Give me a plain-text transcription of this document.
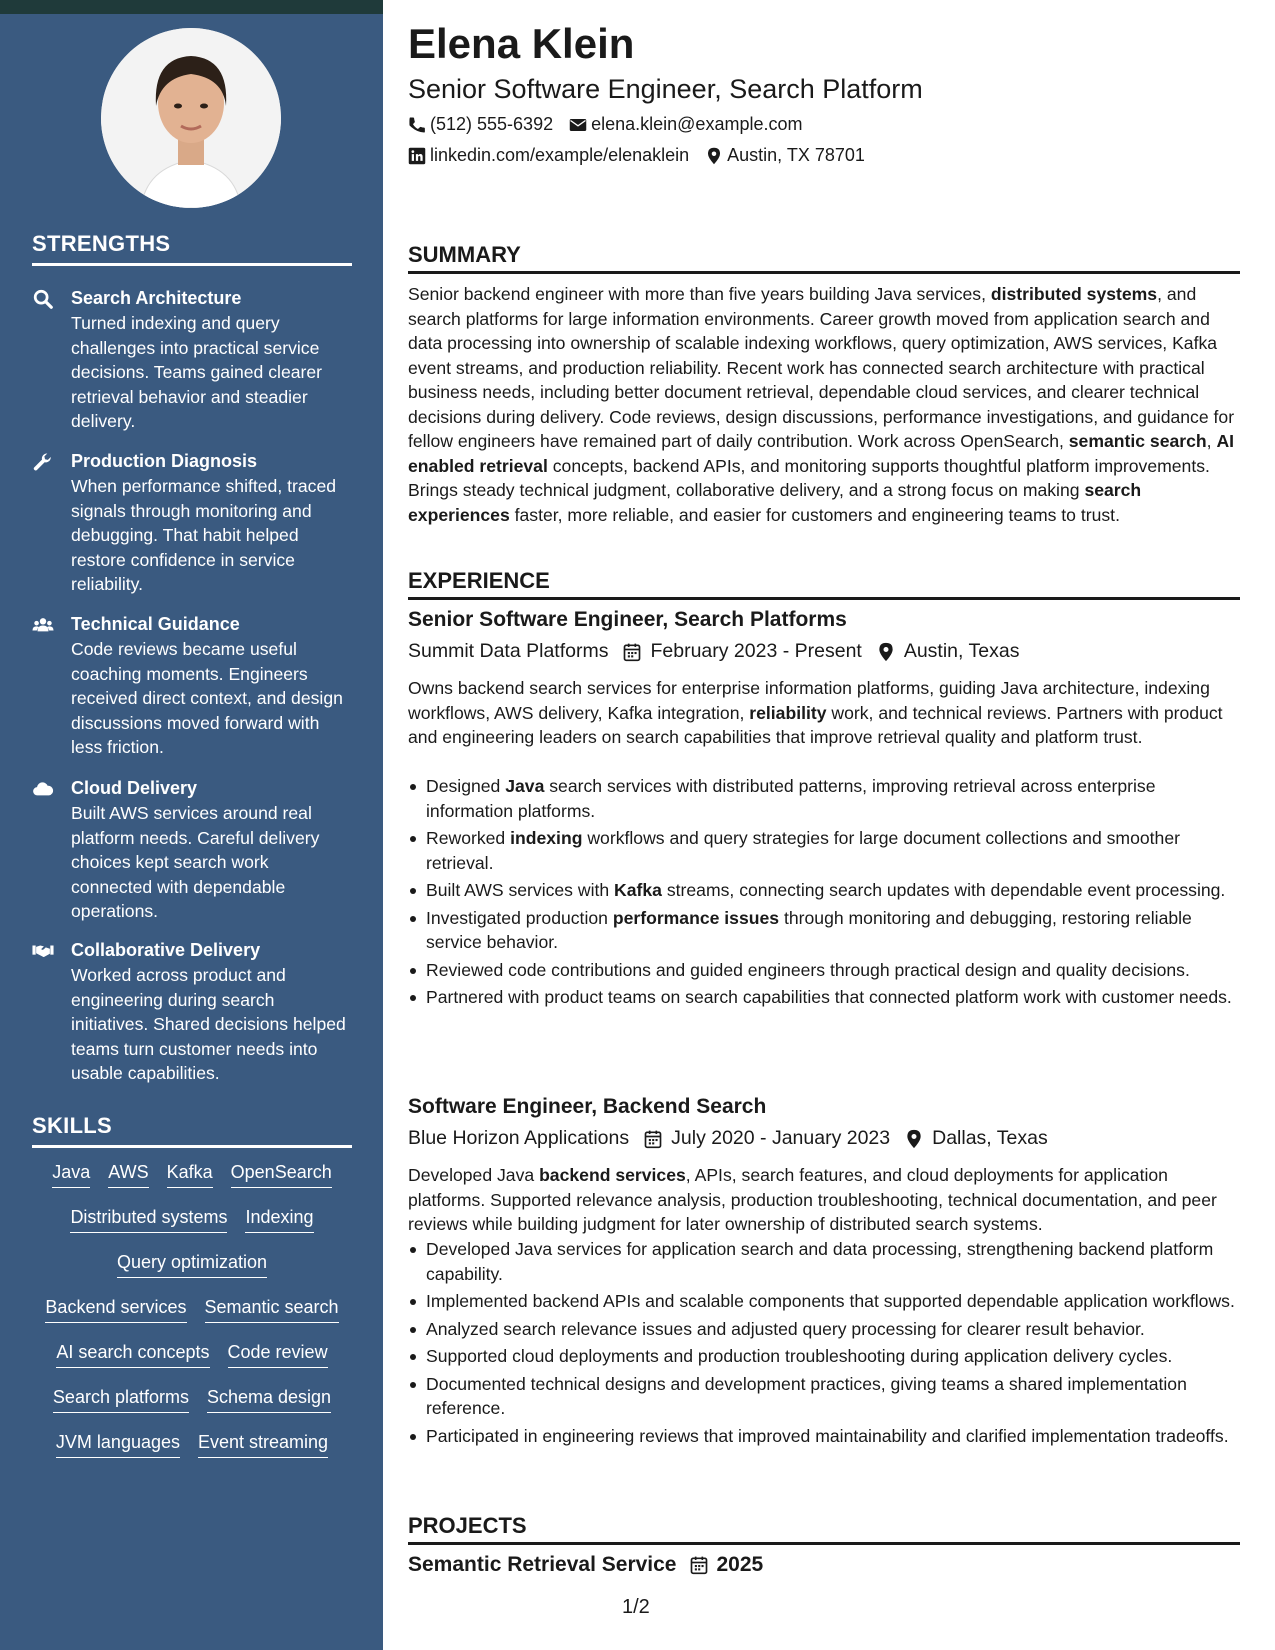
STRENGTHS
Search Architecture
Turned indexing and query challenges into practical service decisions. Teams gained clearer retrieval behavior and steadier delivery.
Production Diagnosis
When performance shifted, traced signals through monitoring and debugging. That habit helped restore confidence in service reliability.
Technical Guidance
Code reviews became useful coaching moments. Engineers received direct context, and design discussions moved forward with less friction.
Cloud Delivery
Built AWS services around real platform needs. Careful delivery choices kept search work connected with dependable operations.
Collaborative Delivery
Worked across product and engineering during search initiatives. Shared decisions helped teams turn customer needs into usable capabilities.
SKILLS
Java AWS Kafka OpenSearch
Distributed systems Indexing
Query optimization
Backend services Semantic search
AI search concepts Code review
Search platforms Schema design
JVM languages Event streaming
Elena Klein
Senior Software Engineer, Search Platform
(512) 555-6392 elena.klein@example.com
linkedin.com/example/elenaklein Austin, TX 78701
SUMMARY
Senior backend engineer with more than five years building Java services, distributed systems, and search platforms for large information environments. Career growth moved from application search and data processing into ownership of scalable indexing workflows, query optimization, AWS services, Kafka event streams, and production reliability. Recent work has connected search architecture with practical business needs, including better document retrieval, dependable cloud services, and clearer technical decisions during delivery. Code reviews, design discussions, performance investigations, and guidance for fellow engineers have remained part of daily contribution. Work across OpenSearch, semantic search, AI enabled retrieval concepts, backend APIs, and monitoring supports thoughtful platform improvements. Brings steady technical judgment, collaborative delivery, and a strong focus on making search experiences faster, more reliable, and easier for customers and engineering teams to trust.
EXPERIENCE
Senior Software Engineer, Search Platforms
Summit Data Platforms February 2023 - Present Austin, Texas
Owns backend search services for enterprise information platforms, guiding Java architecture, indexing workflows, AWS delivery, Kafka integration, reliability work, and technical reviews. Partners with product and engineering leaders on search capabilities that improve retrieval quality and platform trust.
Designed Java search services with distributed patterns, improving retrieval across enterprise information platforms.
Reworked indexing workflows and query strategies for large document collections and smoother retrieval.
Built AWS services with Kafka streams, connecting search updates with dependable event processing.
Investigated production performance issues through monitoring and debugging, restoring reliable service behavior.
Reviewed code contributions and guided engineers through practical design and quality decisions.
Partnered with product teams on search capabilities that connected platform work with customer needs.
Software Engineer, Backend Search
Blue Horizon Applications July 2020 - January 2023 Dallas, Texas
Developed Java backend services, APIs, search features, and cloud deployments for application platforms. Supported relevance analysis, production troubleshooting, technical documentation, and peer reviews while building judgment for later ownership of distributed search systems.
Developed Java services for application search and data processing, strengthening backend platform capability.
Implemented backend APIs and scalable components that supported dependable application workflows.
Analyzed search relevance issues and adjusted query processing for clearer result behavior.
Supported cloud deployments and production troubleshooting during application delivery cycles.
Documented technical designs and development practices, giving teams a shared implementation reference.
Participated in engineering reviews that improved maintainability and clarified implementation tradeoffs.
PROJECTS
Semantic Retrieval Service 2025
1/2
